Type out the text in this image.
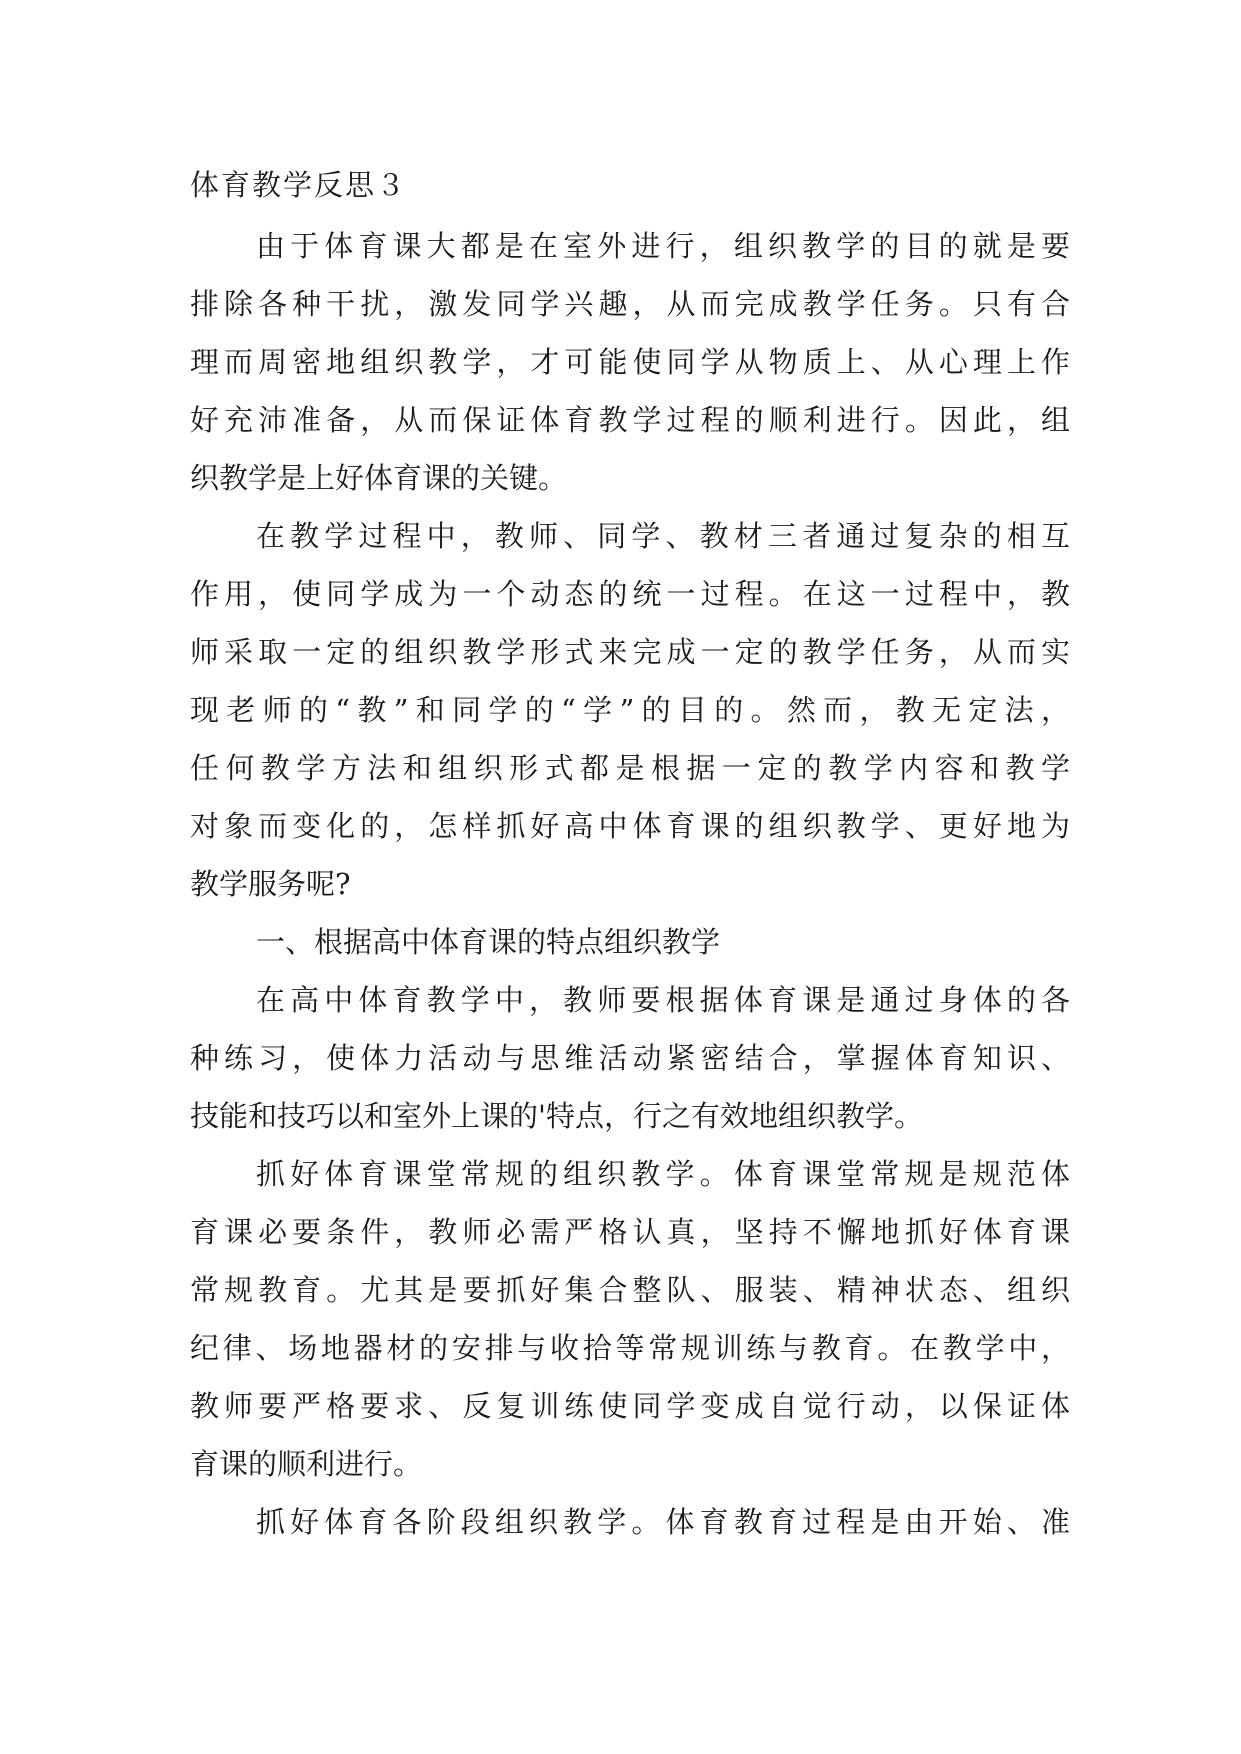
体育教学反思３

由于体育课大都是在室外进行，组织教学的目的就是要

排除各种干扰，激发同学兴趣，从而完成教学任务。只有合

理而周密地组织教学，才可能使同学从物质上、从心理上作

好充沛准备，从而保证体育教学过程的顺利进行。因此，组

织教学是上好体育课的关键。

在教学过程中，教师、同学、教材三者通过复杂的相互

作用，使同学成为一个动态的统一过程。在这一过程中，教

师采取一定的组织教学形式来完成一定的教学任务，从而实

现老师的“教”和同学的“学”的目的。然而，教无定法，

任何教学方法和组织形式都是根据一定的教学内容和教学

对象而变化的，怎样抓好高中体育课的组织教学、更好地为

教学服务呢?

一、根据高中体育课的特点组织教学

在高中体育教学中，教师要根据体育课是通过身体的各

种练习，使体力活动与思维活动紧密结合，掌握体育知识、

技能和技巧以和室外上课的'特点，行之有效地组织教学。

抓好体育课堂常规的组织教学。体育课堂常规是规范体

育课必要条件，教师必需严格认真，坚持不懈地抓好体育课

常规教育。尤其是要抓好集合整队、服装、精神状态、组织

纪律、场地器材的安排与收拾等常规训练与教育。在教学中，

教师要严格要求、反复训练使同学变成自觉行动，以保证体

育课的顺利进行。

抓好体育各阶段组织教学。体育教育过程是由开始、准
